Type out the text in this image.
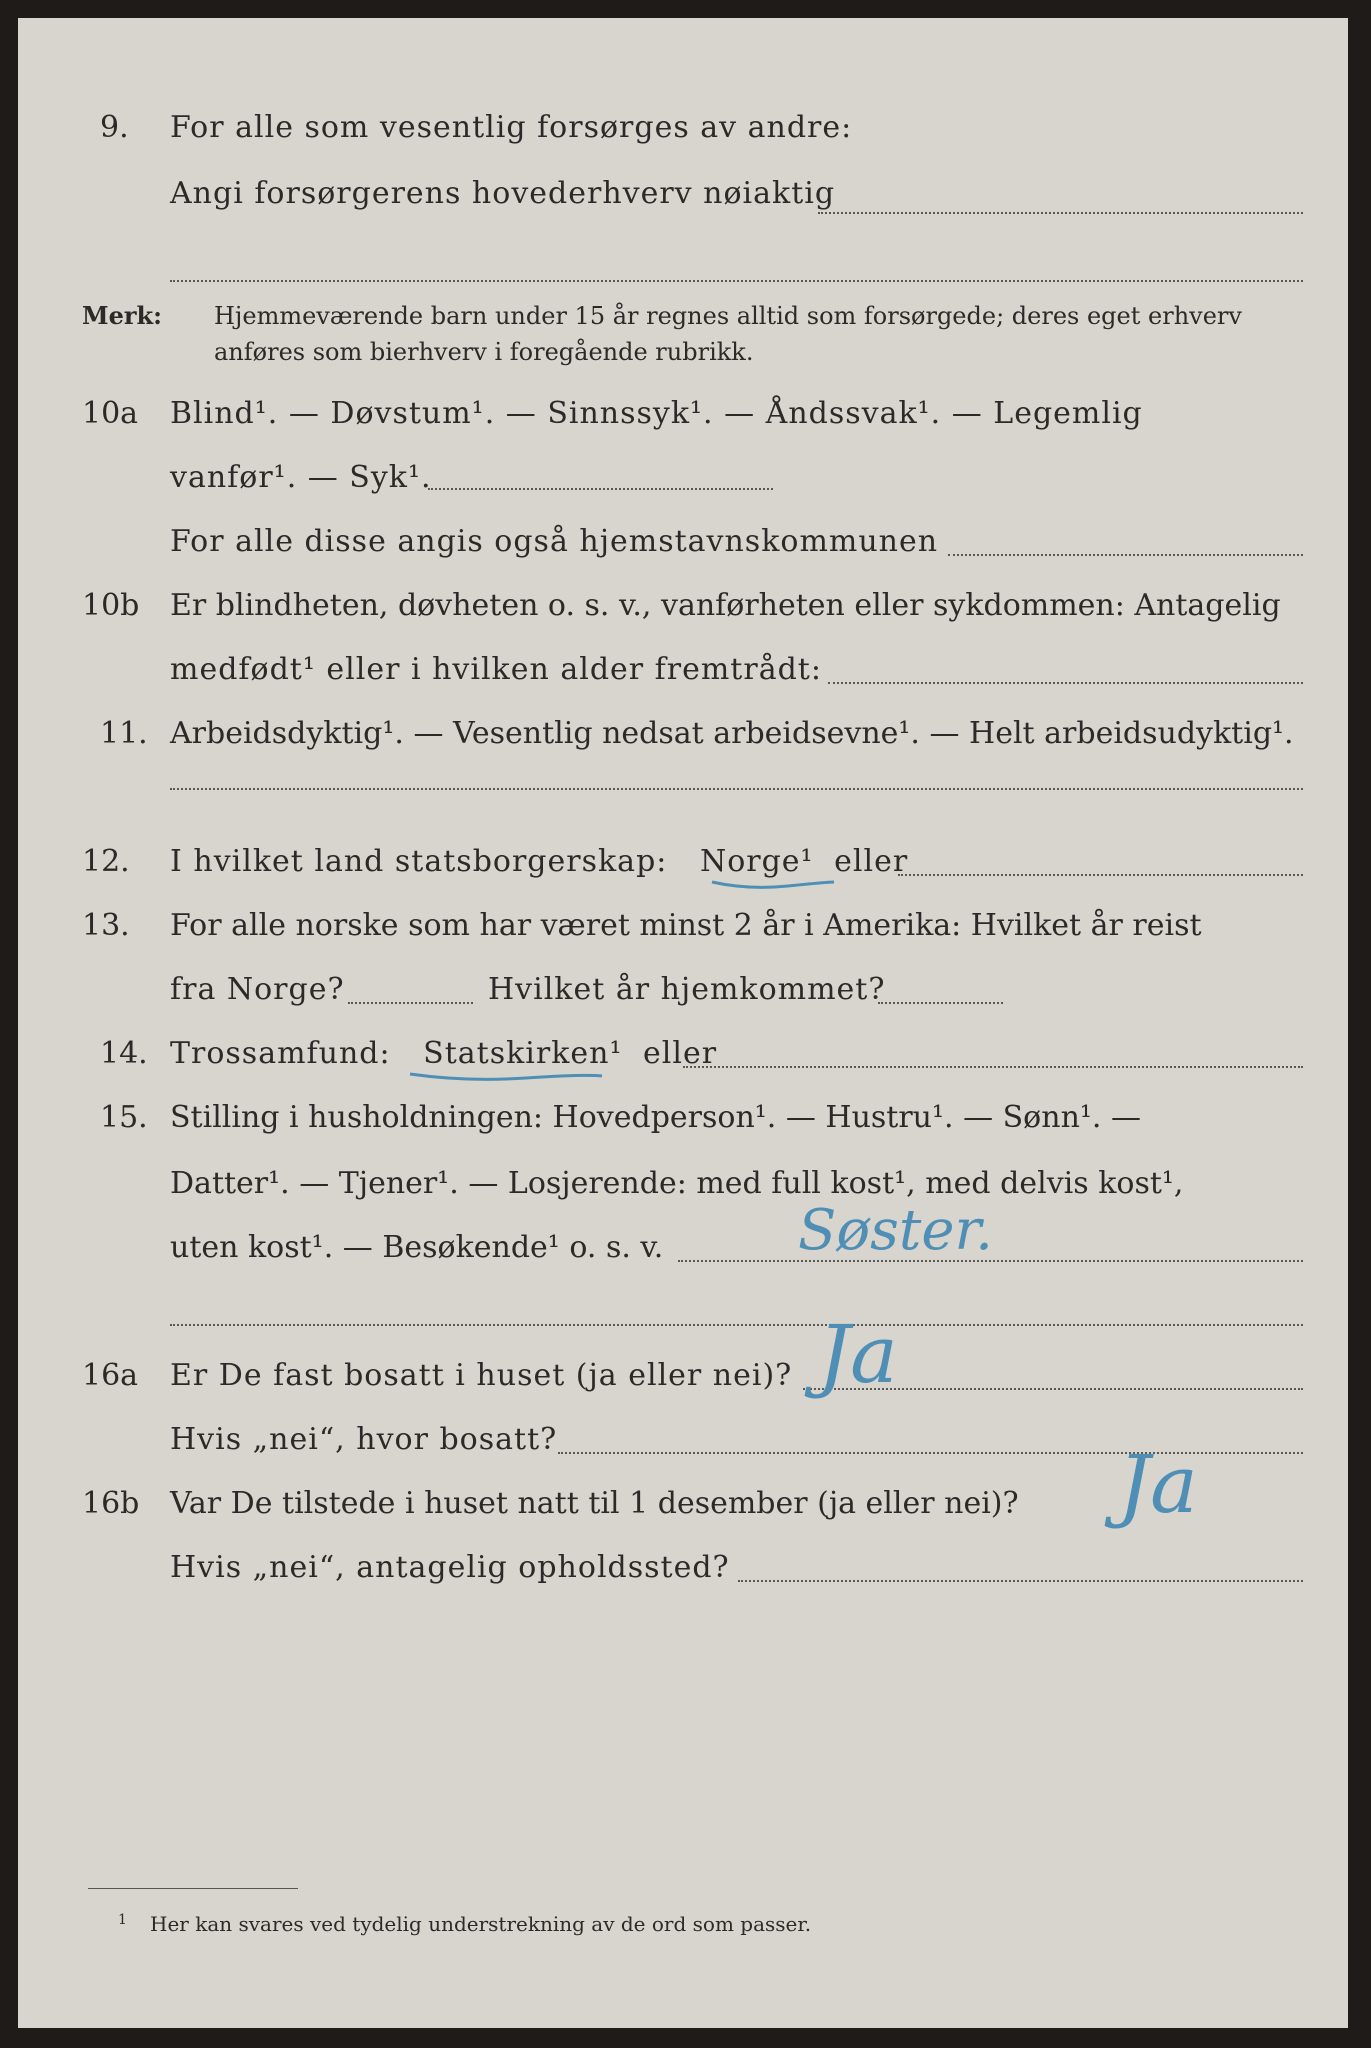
9. For alle som vesentlig forsørges av andre:
Angi forsørgerens hovederhverv nøiaktig
Merk: Hjemmeværende barn under 15 år regnes alltid som forsørgede; deres eget erhverv
anføres som bierhverv i foregående rubrikk.
10a Blind¹. — Døvstum¹. — Sinnssyk¹. — Åndssvak¹. — Legemlig
vanfør¹. — Syk¹.
For alle disse angis også hjemstavnskommunen
10b Er blindheten, døvheten o. s. v., vanførheten eller sykdommen: Antagelig
medfødt¹ eller i hvilken alder fremtrådt:
11. Arbeidsdyktig¹. — Vesentlig nedsat arbeidsevne¹. — Helt arbeidsudyktig¹.
12. I hvilket land statsborgerskap: Norge¹ eller
13. For alle norske som har været minst 2 år i Amerika: Hvilket år reist
fra Norge?	Hvilket år hjemkommet?
14. Trossamfund: Statskirken¹ eller
15. Stilling i husholdningen: Hovedperson¹. — Hustru¹. — Sønn¹. —
Datter¹. — Tjener¹. — Losjerende: med full kost¹, med delvis kost¹,
uten kost¹. — Besøkende¹ o. s. v. Søster.
16a Er De fast bosatt i huset (ja eller nei)? Ja
Hvis „nei“, hvor bosatt?
16b Var De tilstede i huset natt til 1 desember (ja eller nei)? Ja
Hvis „nei“, antagelig opholdssted?
1 Her kan svares ved tydelig understrekning av de ord som passer.
